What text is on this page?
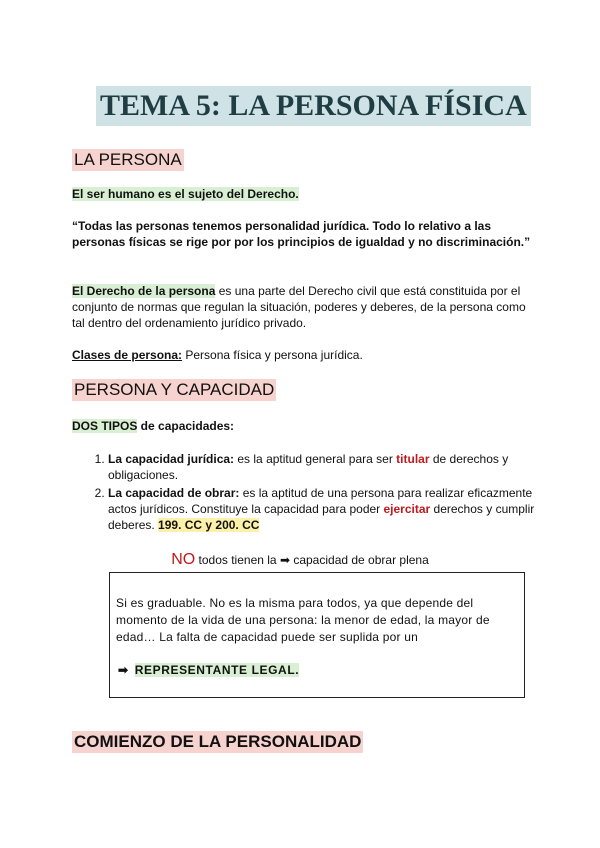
TEMA 5: LA PERSONA FÍSICA
LA PERSONA
El ser humano es el sujeto del Derecho.
“Todas las personas tenemos personalidad jurídica. Todo lo relativo a las personas físicas se rige por por los principios de igualdad y no discriminación.”
El Derecho de la persona es una parte del Derecho civil que está constituida por el conjunto de normas que regulan la situación, poderes y deberes, de la persona como tal dentro del ordenamiento jurídico privado.
Clases de persona: Persona física y persona jurídica.
PERSONA Y CAPACIDAD
DOS TIPOS de capacidades:
1. La capacidad jurídica: es la aptitud general para ser titular de derechos y obligaciones.
2. La capacidad de obrar: es la aptitud de una persona para realizar eficazmente actos jurídicos. Constituye la capacidad para poder ejercitar derechos y cumplir deberes. 199. CC y 200. CC
NO todos tienen la ➡ capacidad de obrar plena
Si es graduable. No es la misma para todos, ya que depende del momento de la vida de una persona: la menor de edad, la mayor de edad… La falta de capacidad puede ser suplida por un
➡ REPRESENTANTE LEGAL.
COMIENZO DE LA PERSONALIDAD
